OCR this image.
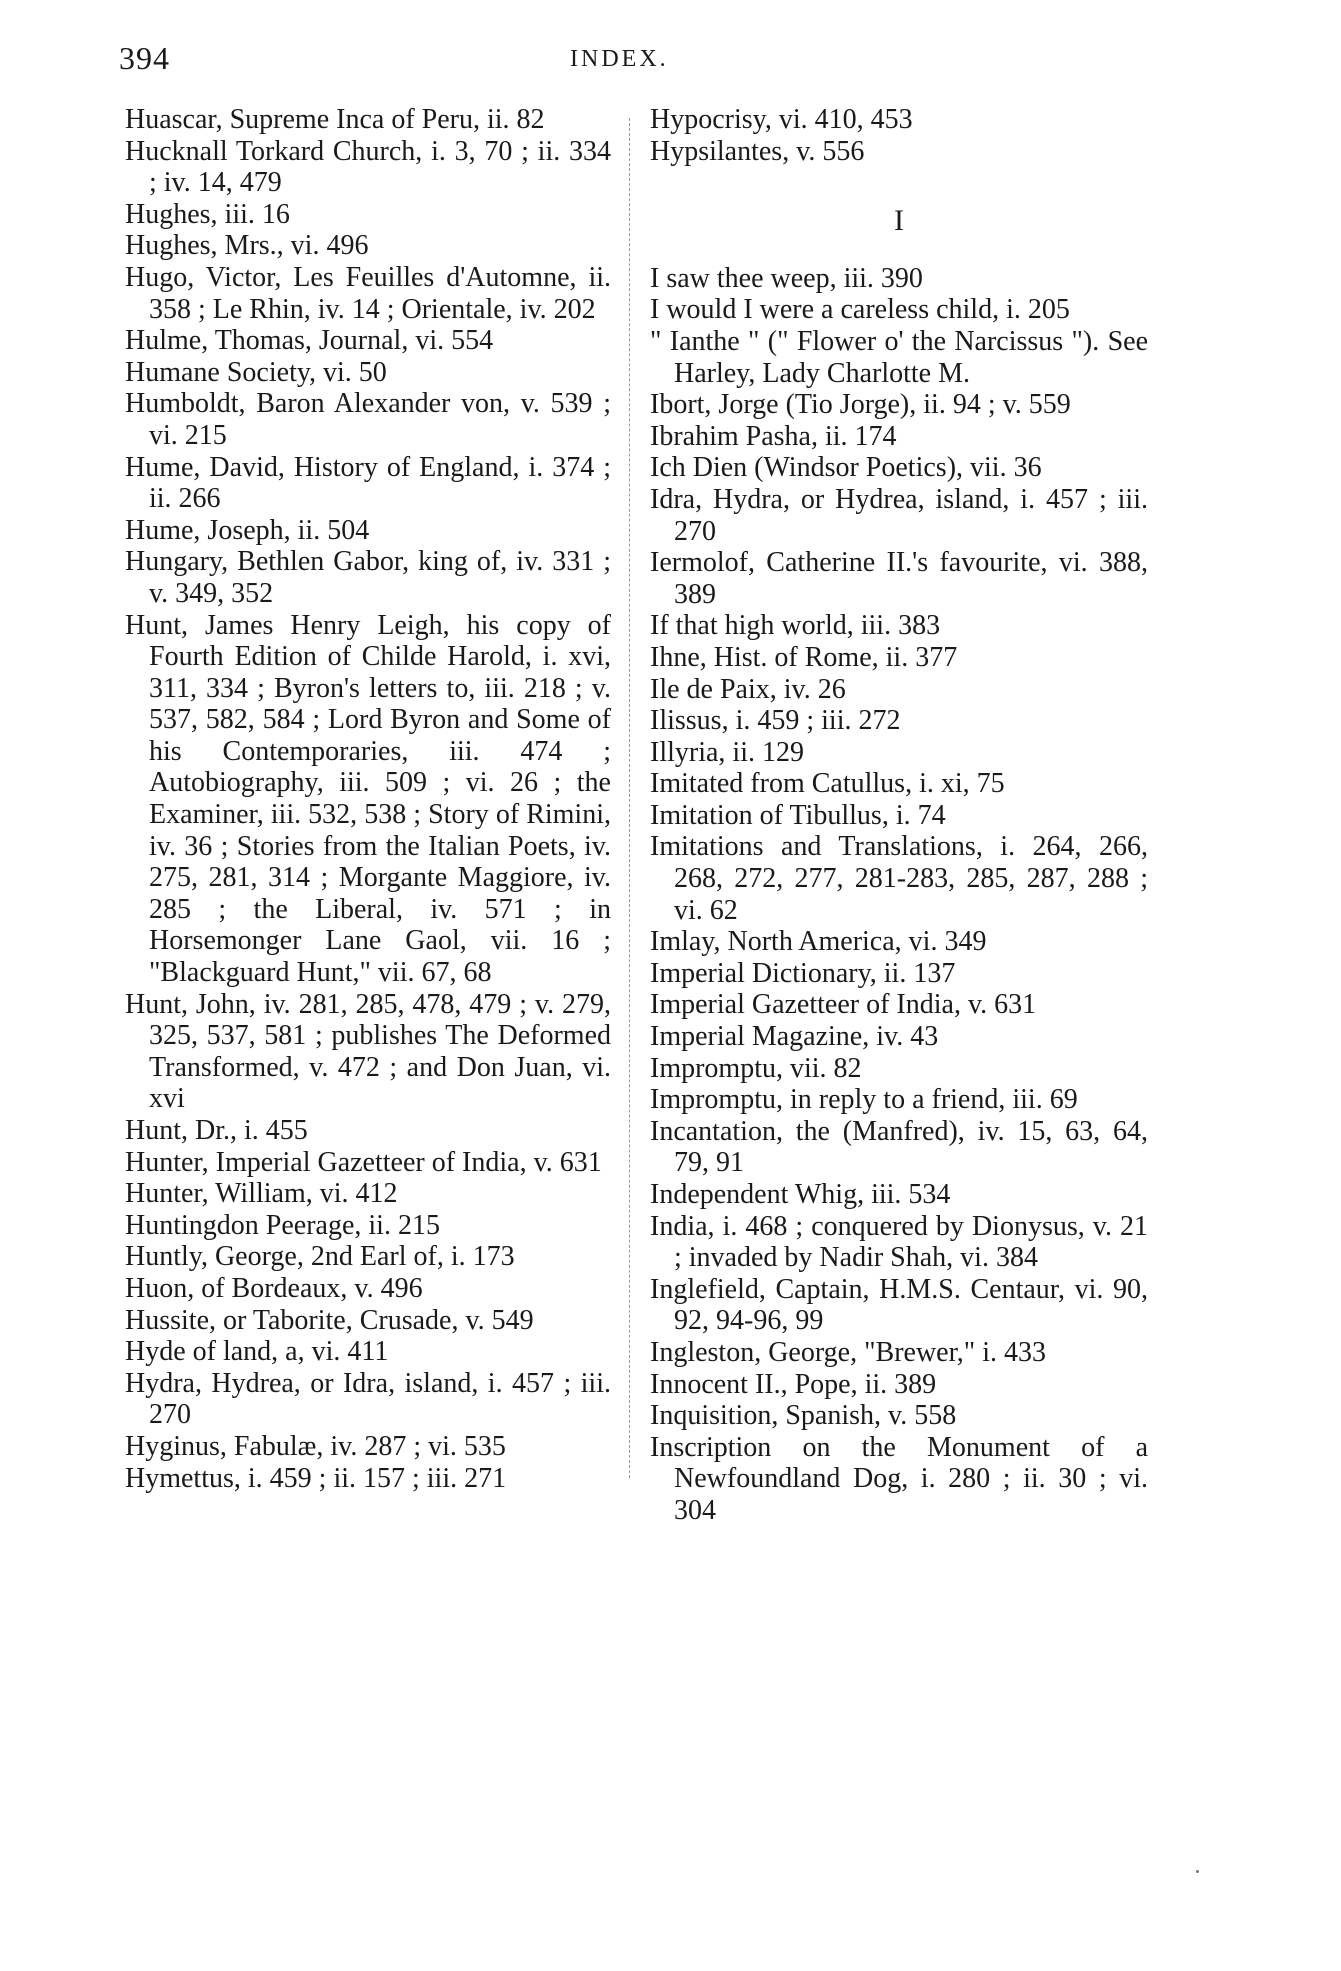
394	INDEX.

Huascar, Supreme Inca of Peru, ii. 82

Hucknall Torkard Church, i. 3, 70 ; ii. 334 ; iv. 14, 479

Hughes, iii. 16

Hughes, Mrs., vi. 496

Hugo, Victor, Les Feuilles d'Automne, ii. 358 ; Le Rhin, iv. 14 ; Orientale, iv. 202

Hulme, Thomas, Journal, vi. 554

Humane Society, vi. 50

Humboldt, Baron Alexander von, v. 539 ; vi. 215

Hume, David, History of England, i. 374 ; ii. 266

Hume, Joseph, ii. 504

Hungary, Bethlen Gabor, king of, iv. 331 ; v. 349, 352

Hunt, James Henry Leigh, his copy of Fourth Edition of Childe Harold, i. xvi, 311, 334 ; Byron's letters to, iii. 218 ; v. 537, 582, 584 ; Lord Byron and Some of his Contemporaries, iii. 474 ; Autobiography, iii. 509 ; vi. 26 ; the Examiner, iii. 532, 538 ; Story of Rimini, iv. 36 ; Stories from the Italian Poets, iv. 275, 281, 314 ; Morgante Maggiore, iv. 285 ; the Liberal, iv. 571 ; in Horsemonger Lane Gaol, vii. 16 ; "Blackguard Hunt," vii. 67, 68

Hunt, John, iv. 281, 285, 478, 479 ; v. 279, 325, 537, 581 ; publishes The Deformed Transformed, v. 472 ; and Don Juan, vi. xvi

Hunt, Dr., i. 455

Hunter, Imperial Gazetteer of India, v. 631

Hunter, William, vi. 412

Huntingdon Peerage, ii. 215

Huntly, George, 2nd Earl of, i. 173

Huon, of Bordeaux, v. 496

Hussite, or Taborite, Crusade, v. 549

Hyde of land, a, vi. 411

Hydra, Hydrea, or Idra, island, i. 457 ; iii. 270

Hyginus, Fabulæ, iv. 287 ; vi. 535

Hymettus, i. 459 ; ii. 157 ; iii. 271

Hypocrisy, vi. 410, 453

Hypsilantes, v. 556

I

I saw thee weep, iii. 390

I would I were a careless child, i. 205

" Ianthe " (" Flower o' the Narcissus "). See Harley, Lady Charlotte M.

Ibort, Jorge (Tio Jorge), ii. 94 ; v. 559

Ibrahim Pasha, ii. 174

Ich Dien (Windsor Poetics), vii. 36

Idra, Hydra, or Hydrea, island, i. 457 ; iii. 270

Iermolof, Catherine II.'s favourite, vi. 388, 389

If that high world, iii. 383

Ihne, Hist. of Rome, ii. 377

Ile de Paix, iv. 26

Ilissus, i. 459 ; iii. 272

Illyria, ii. 129

Imitated from Catullus, i. xi, 75

Imitation of Tibullus, i. 74

Imitations and Translations, i. 264, 266, 268, 272, 277, 281-283, 285, 287, 288 ; vi. 62

Imlay, North America, vi. 349

Imperial Dictionary, ii. 137

Imperial Gazetteer of India, v. 631

Imperial Magazine, iv. 43

Impromptu, vii. 82

Impromptu, in reply to a friend, iii. 69

Incantation, the (Manfred), iv. 15, 63, 64, 79, 91

Independent Whig, iii. 534

India, i. 468 ; conquered by Dionysus, v. 21 ; invaded by Nadir Shah, vi. 384

Inglefield, Captain, H.M.S. Centaur, vi. 90, 92, 94-96, 99

Ingleston, George, "Brewer," i. 433

Innocent II., Pope, ii. 389

Inquisition, Spanish, v. 558

Inscription on the Monument of a Newfoundland Dog, i. 280 ; ii. 30 ; vi. 304
